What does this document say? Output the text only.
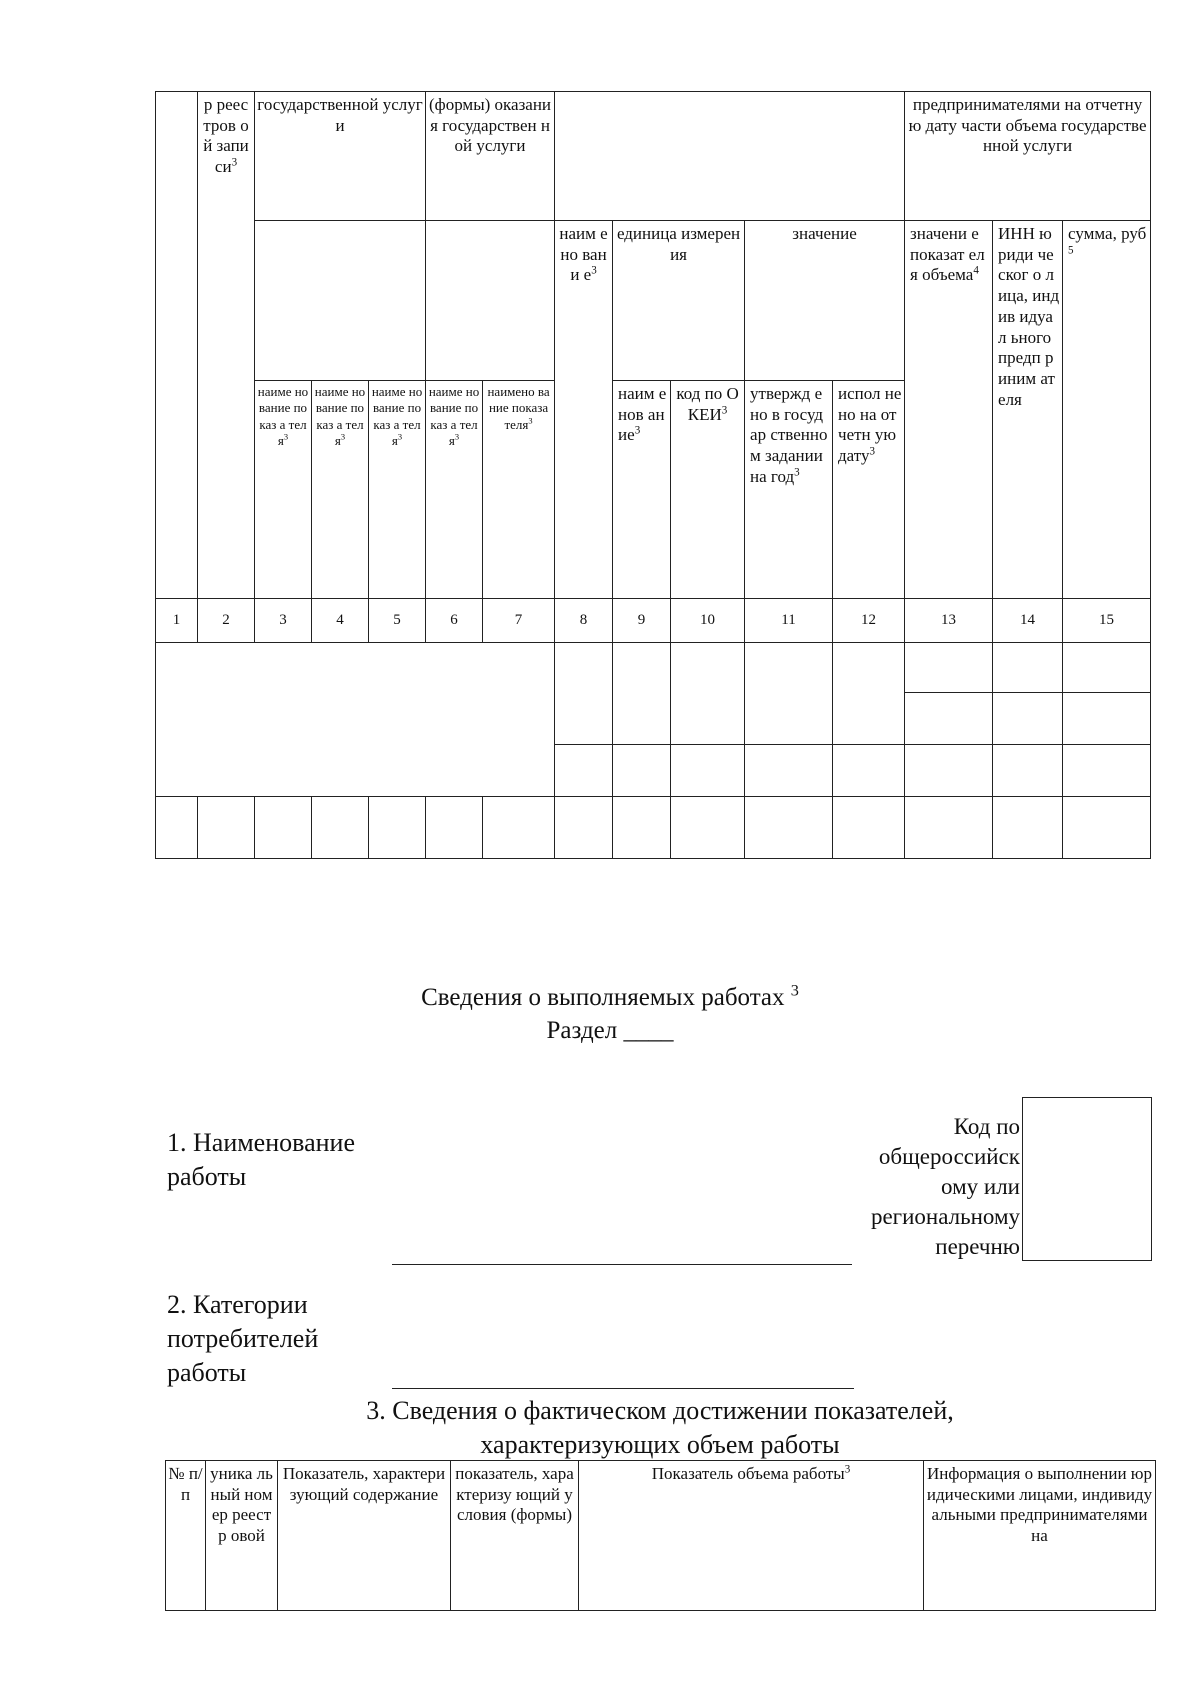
	р реес тров ой запи $си^3$	государственной услуги			(формы) оказания государствен ной услуги							предпринимателями на отчетную дату части объема государственной услуги		
							наим ено вани $е^3$	единица измерения		значение		значени е показат еля объема$^4$	ИНН юриди ческог о лица, индив идуал ьного предп риним ателя	сумма, руб$^5$
		наиме но вание показ а теля$^3$	наиме но вание показ а теля$^3$	наиме но вание показ а теля$^3$	наиме но вание показ а теля$^3$	наимено вание показа теля$^3$		наим енов ание$^3$	код по ОКЕИ$^3$	утвержд ено в государ ственно м задании на год$^3$	испол нено на отчетн ую дату$^3$
1	2	3	4	5	6	7	8	9	10	11	12	13	14	15

Сведения о выполняемых работах $^3$
Раздел ____
1. Наименование работы
Код по общероссийск ому или региональному перечню
2. Категории потребителей работы
3. Сведения о фактическом достижении показателей,
характеризующих объем работы
№ п/п	уника льный номер реестр овой	Показатель, характеризующий содержание	показатель, характеризу ющий условия (формы)	Показатель объема работы$^3$	Информация о выполнении юридическими лицами, индивидуальными предпринимателями на
